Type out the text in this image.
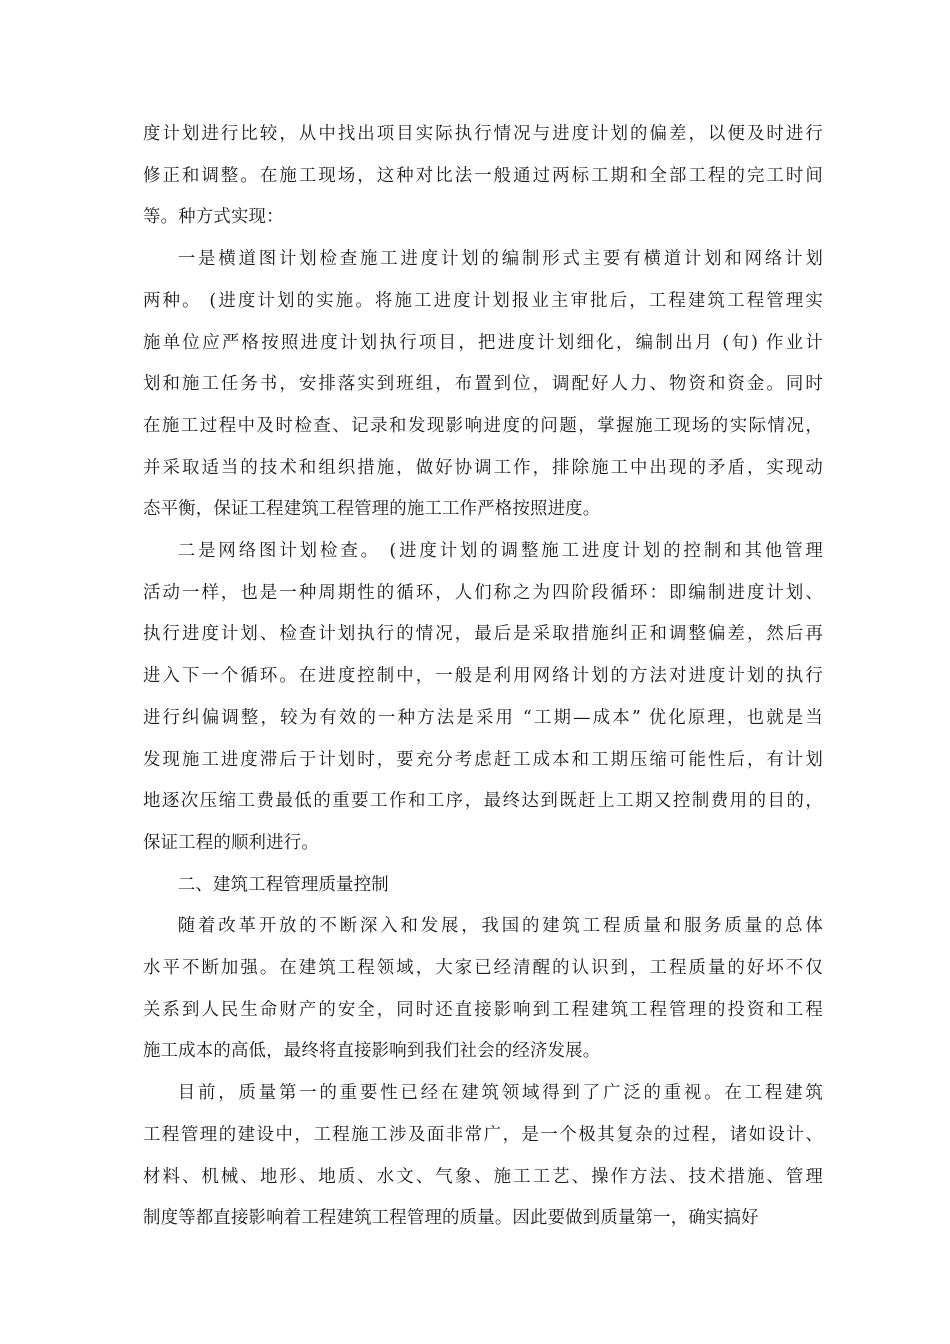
度计划进行比较，从中找出项目实际执行情况与进度计划的偏差，以便及时进行
修正和调整。在施工现场，这种对比法一般通过两标工期和全部工程的完工时间
等。种方式实现：

一是横道图计划检查施工进度计划的编制形式主要有横道计划和网络计划
两种。 (进度计划的实施。将施工进度计划报业主审批后，工程建筑工程管理实
施单位应严格按照进度计划执行项目，把进度计划细化，编制出月 (旬) 作业计
划和施工任务书，安排落实到班组，布置到位，调配好人力、物资和资金。同时
在施工过程中及时检查、记录和发现影响进度的问题，掌握施工现场的实际情况，
并采取适当的技术和组织措施，做好协调工作，排除施工中出现的矛盾，实现动
态平衡，保证工程建筑工程管理的施工工作严格按照进度。

二是网络图计划检查。 (进度计划的调整施工进度计划的控制和其他管理
活动一样，也是一种周期性的循环，人们称之为四阶段循环：即编制进度计划、
执行进度计划、检查计划执行的情况，最后是采取措施纠正和调整偏差，然后再
进入下一个循环。在进度控制中，一般是利用网络计划的方法对进度计划的执行
进行纠偏调整，较为有效的一种方法是采用 “工期—成本” 优化原理，也就是当
发现施工进度滞后于计划时，要充分考虑赶工成本和工期压缩可能性后，有计划
地逐次压缩工费最低的重要工作和工序，最终达到既赶上工期又控制费用的目的，
保证工程的顺利进行。

二、建筑工程管理质量控制

随着改革开放的不断深入和发展，我国的建筑工程质量和服务质量的总体
水平不断加强。在建筑工程领域，大家已经清醒的认识到，工程质量的好坏不仅
关系到人民生命财产的安全，同时还直接影响到工程建筑工程管理的投资和工程
施工成本的高低，最终将直接影响到我们社会的经济发展。

目前，质量第一的重要性已经在建筑领域得到了广泛的重视。在工程建筑
工程管理的建设中，工程施工涉及面非常广，是一个极其复杂的过程，诸如设计、
材料、机械、地形、地质、水文、气象、施工工艺、操作方法、技术措施、管理
制度等都直接影响着工程建筑工程管理的质量。因此要做到质量第一，确实搞好
